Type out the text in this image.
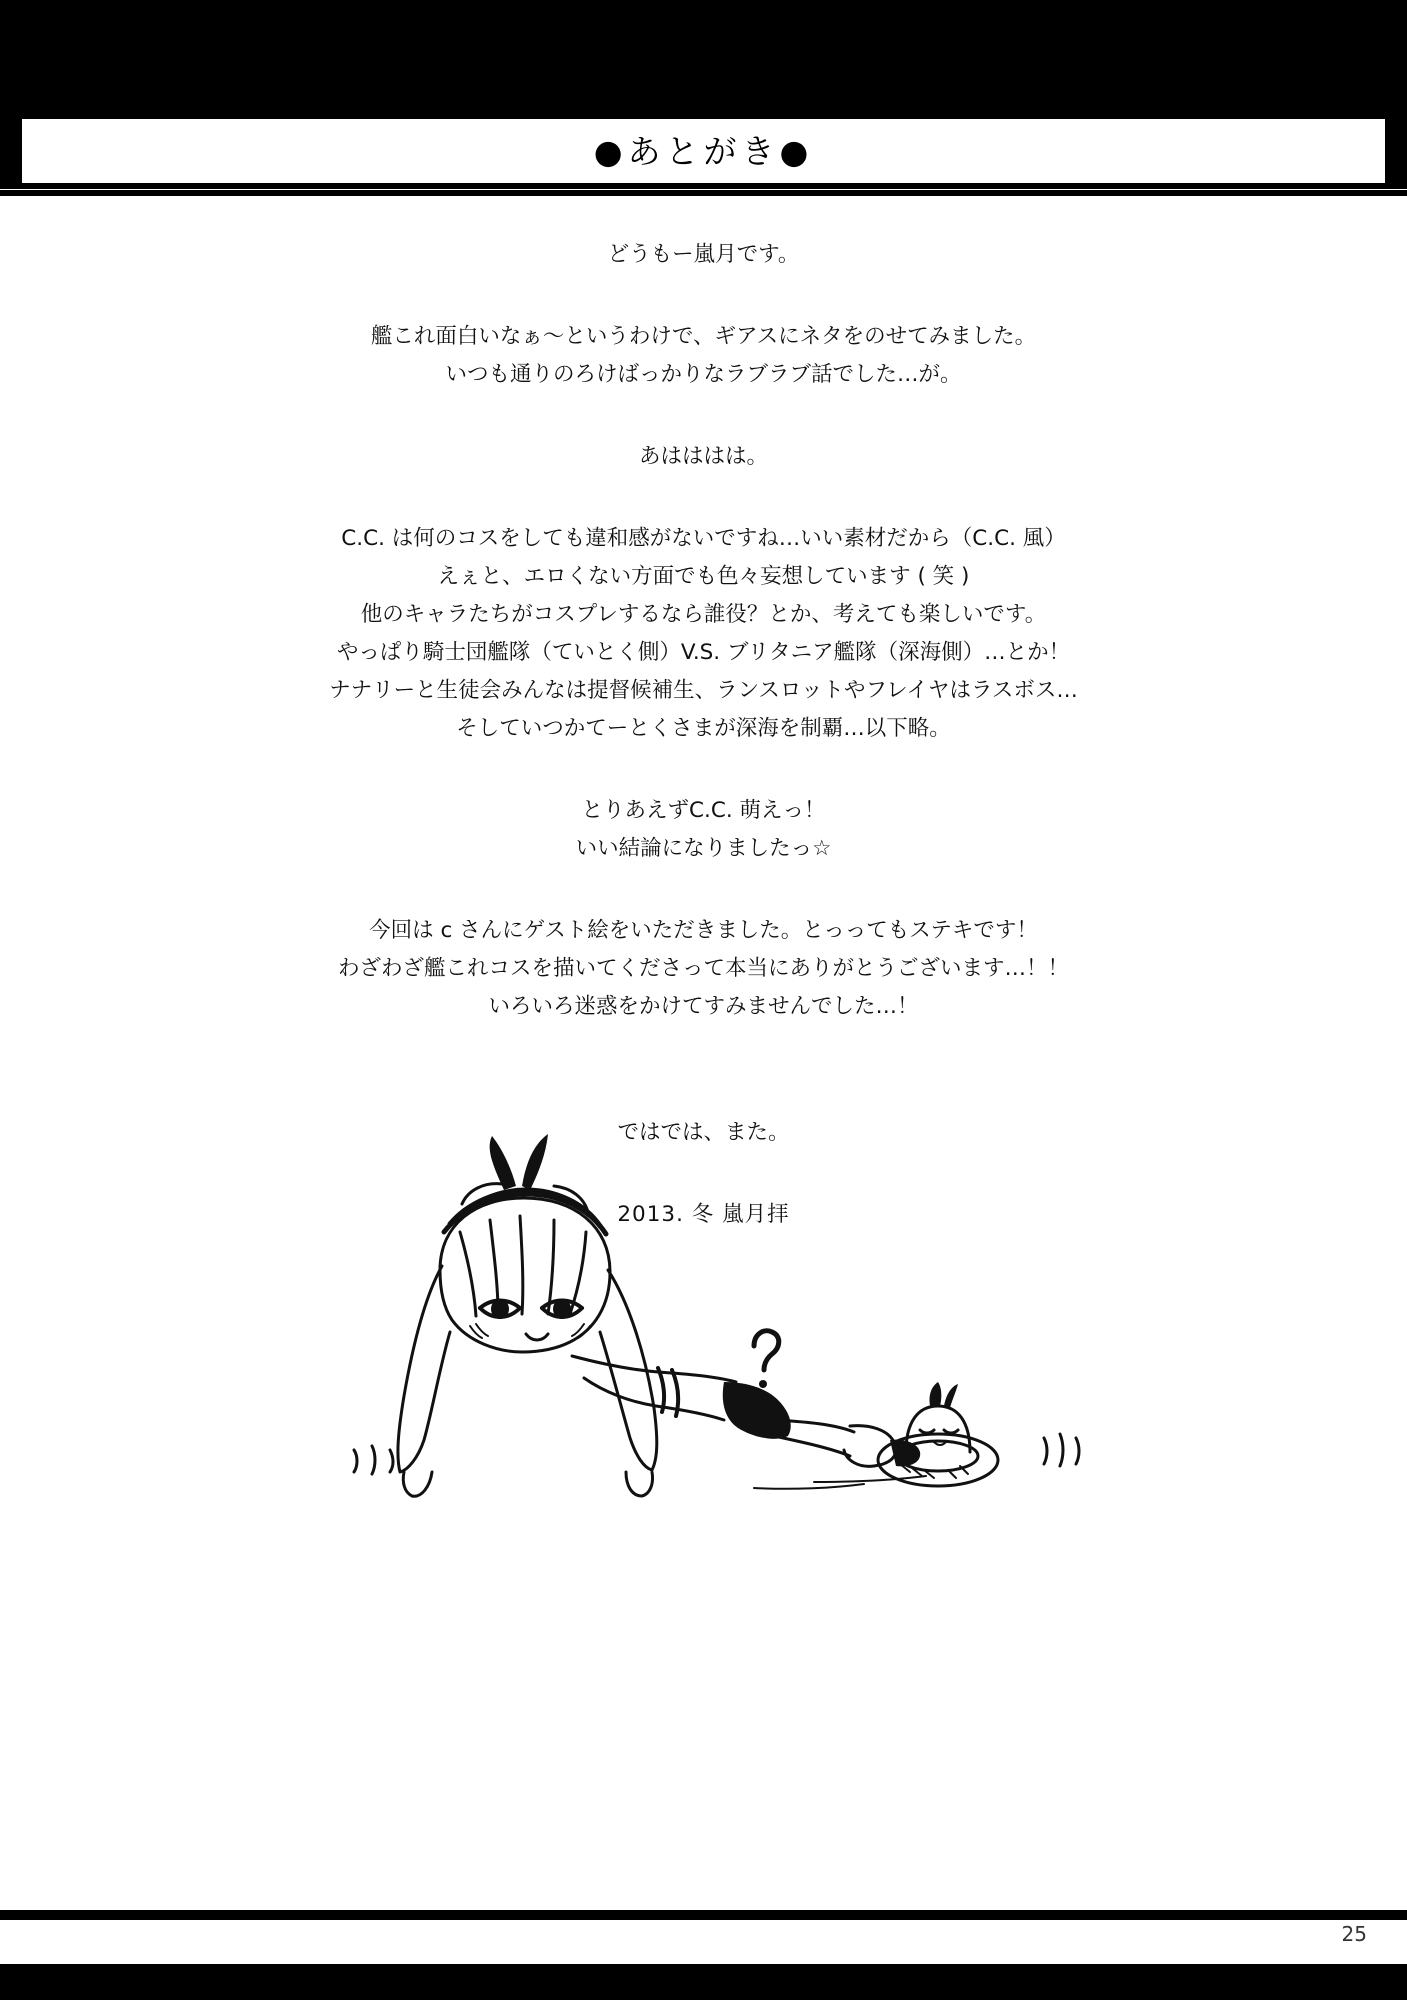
●あとがき●

どうもー嵐月です。

艦これ面白いなぁ〜というわけで、ギアスにネタをのせてみました。

いつも通りのろけばっかりなラブラブ話でした…が。

あはははは。

C.C. は何のコスをしても違和感がないですね…いい素材だから（C.C. 風）

えぇと、エロくない方面でも色々妄想しています ( 笑 )

他のキャラたちがコスプレするなら誰役？とか、考えても楽しいです。

やっぱり騎士団艦隊（ていとく側）V.S. ブリタニア艦隊（深海側）…とか！

ナナリーと生徒会みんなは提督候補生、ランスロットやフレイヤはラスボス…

そしていつかてーとくさまが深海を制覇…以下略。

とりあえずC.C. 萌えっ！

いい結論になりましたっ☆

今回は c さんにゲスト絵をいただきました。とっってもステキです！

わざわざ艦これコスを描いてくださって本当にありがとうございます…！！

いろいろ迷惑をかけてすみませんでした…！

ではでは、また。

2013. 冬 嵐月拝

25
